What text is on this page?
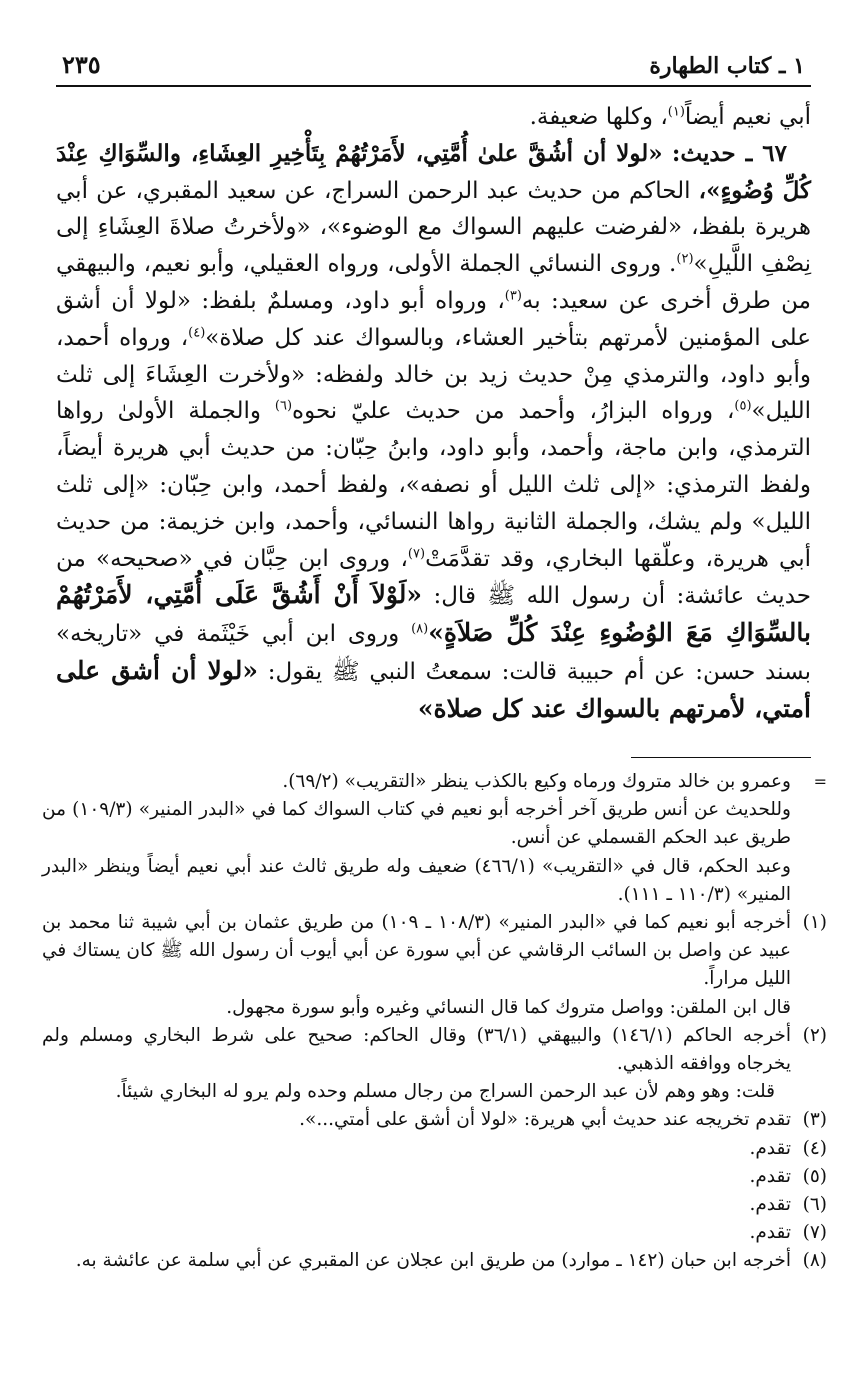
١ ـ كتاب الطهارة
٢٣٥

أبي نعيم أيضاً$^{(١)}$، وكلها ضعيفة.

٦٧ ـ حديث: «لولا أن أشُقَّ علىٰ أُمَّتِي، لأَمَرْتُهُمْ بِتَأْخِيرِ العِشَاءِ، والسِّوَاكِ عِنْدَ كُلِّ وُضُوءٍ»، الحاكم من حديث عبد الرحمن السراج، عن سعيد المقبري، عن أبي هريرة بلفظ، «لفرضت عليهم السواك مع الوضوء»، «ولأخرتُ صلاةَ العِشَاءِ إلى نِصْفِ اللَّيلِ»$^{(٢)}$. وروى النسائي الجملة الأولى، ورواه العقيلي، وأبو نعيم، والبيهقي من طرق أخرى عن سعيد: به$^{(٣)}$، ورواه أبو داود، ومسلمٌ بلفظ: «لولا أن أشق على المؤمنين لأمرتهم بتأخير العشاء، وبالسواك عند كل صلاة»$^{(٤)}$، ورواه أحمد، وأبو داود، والترمذي مِنْ حديث زيد بن خالد ولفظه: «ولأخرت العِشَاءَ إلى ثلث الليل»$^{(٥)}$، ورواه البزارُ، وأحمد من حديث عليّ نحوه$^{(٦)}$ والجملة الأولىٰ رواها الترمذي، وابن ماجة، وأحمد، وأبو داود، وابنُ حِبّان: من حديث أبي هريرة أيضاً، ولفظ الترمذي: «إلى ثلث الليل أو نصفه»، ولفظ أحمد، وابن حِبّان: «إلى ثلث الليل» ولم يشك، والجملة الثانية رواها النسائي، وأحمد، وابن خزيمة: من حديث أبي هريرة، وعلّقها البخاري، وقد تقدَّمَتْ$^{(٧)}$، وروى ابن حِبَّان في «صحيحه» من حديث عائشة: أن رسول الله ﷺ قال: «لَوْلاَ أَنْ أَشُقَّ عَلَى أُمَّتِي، لأَمَرْتُهُمْ بالسِّوَاكِ مَعَ الوُضُوءِ عِنْدَ كُلِّ صَلاَةٍ»$^{(٨)}$ وروى ابن أبي خَيْثَمة في «تاريخه» بسند حسن: عن أم حبيبة قالت: سمعتُ النبي ﷺ يقول: «لولا أن أشق على أمتي، لأمرتهم بالسواك عند كل صلاة»

=
وعمرو بن خالد متروك ورماه وكيع بالكذب ينظر «التقريب» (٦٩/٢).
وللحديث عن أنس طريق آخر أخرجه أبو نعيم في كتاب السواك كما في «البدر المنير» (١٠٩/٣) من طريق عبد الحكم القسملي عن أنس.
وعبد الحكم، قال في «التقريب» (٤٦٦/١) ضعيف وله طريق ثالث عند أبي نعيم أيضاً وينظر «البدر المنير» (١١٠/٣ ـ ١١١).
(١)
أخرجه أبو نعيم كما في «البدر المنير» (١٠٨/٣ ـ ١٠٩) من طريق عثمان بن أبي شيبة ثنا محمد بن عبيد عن واصل بن السائب الرقاشي عن أبي سورة عن أبي أيوب أن رسول الله ﷺ كان يستاك في الليل مراراً.
قال ابن الملقن: وواصل متروك كما قال النسائي وغيره وأبو سورة مجهول.
(٢)
أخرجه الحاكم (١٤٦/١) والبيهقي (٣٦/١) وقال الحاكم: صحيح على شرط البخاري ومسلم ولم يخرجاه ووافقه الذهبي.
قلت: وهو وهم لأن عبد الرحمن السراج من رجال مسلم وحده ولم يرو له البخاري شيئاً.
(٣)
تقدم تخريجه عند حديث أبي هريرة: «لولا أن أشق على أمتي...».
(٤)
تقدم.
(٥)
تقدم.
(٦)
تقدم.
(٧)
تقدم.
(٨)
أخرجه ابن حبان (١٤٢ ـ موارد) من طريق ابن عجلان عن المقبري عن أبي سلمة عن عائشة به.
